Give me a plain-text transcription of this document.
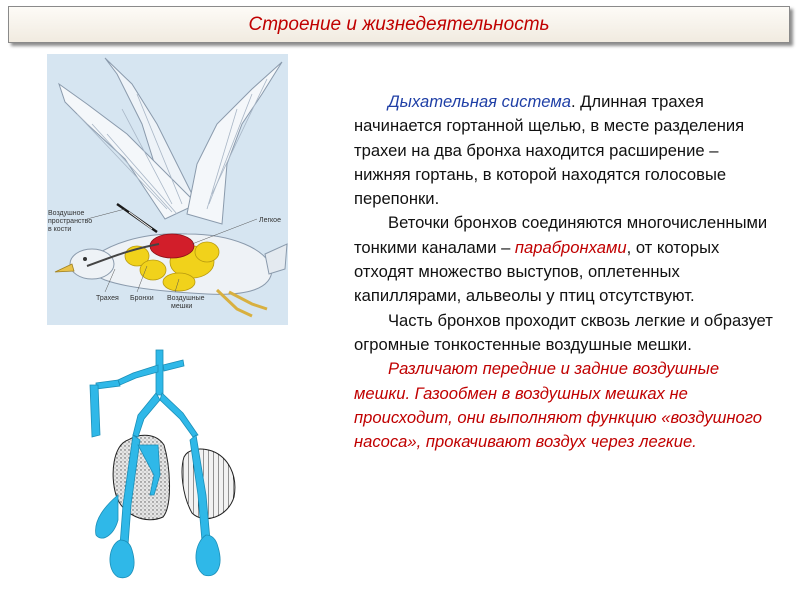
Строение и жизнедеятельность
Воздушное
пространство
в кости
Легкое
Трахея Бронхи Воздушные
мешки

Дыхательная система. Длинная трахея начинается гортанной щелью, в месте разделения трахеи на два бронха находится расширение – нижняя гортань, в которой находятся голосовые перепонки.

Веточки бронхов соединяются многочисленными тонкими каналами – парабронхами, от которых отходят множество выступов, оплетенных капиллярами, альвеолы у птиц отсутствуют.

Часть бронхов проходит сквозь легкие и образует огромные тонкостенные воздушные мешки.

Различают передние и задние воздушные мешки. Газообмен в воздушных мешках не происходит, они выполняют функцию «воздушного насоса», прокачивают воздух через легкие.
